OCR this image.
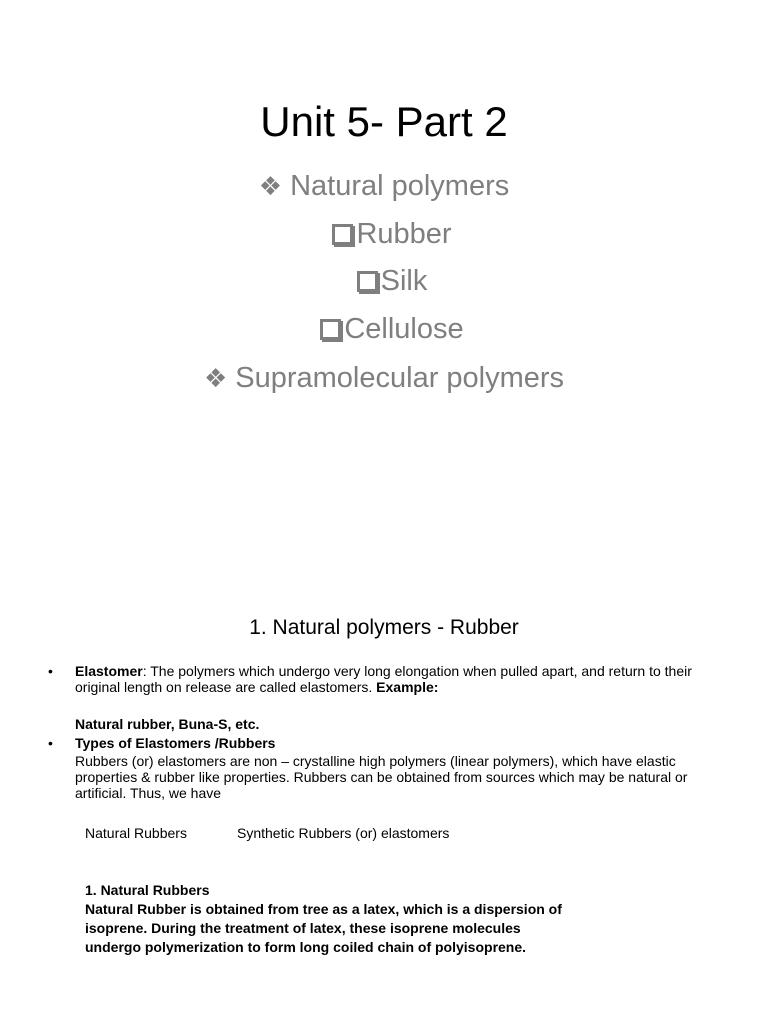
Unit 5- Part 2
❖ Natural polymers
Rubber
Silk
Cellulose
❖ Supramolecular polymers
1. Natural polymers - Rubber
• Elastomer: The polymers which undergo very long elongation when pulled apart, and return to their original length on release are called elastomers. Example:
Natural rubber, Buna-S, etc.
• Types of Elastomers /Rubbers
Rubbers (or) elastomers are non – crystalline high polymers (linear polymers), which have elastic properties & rubber like properties. Rubbers can be obtained from sources which may be natural or artificial. Thus, we have
Natural Rubbers	Synthetic Rubbers (or) elastomers
1. Natural Rubbers
Natural Rubber is obtained from tree as a latex, which is a dispersion of
isoprene. During the treatment of latex, these isoprene molecules
undergo polymerization to form long coiled chain of polyisoprene.
